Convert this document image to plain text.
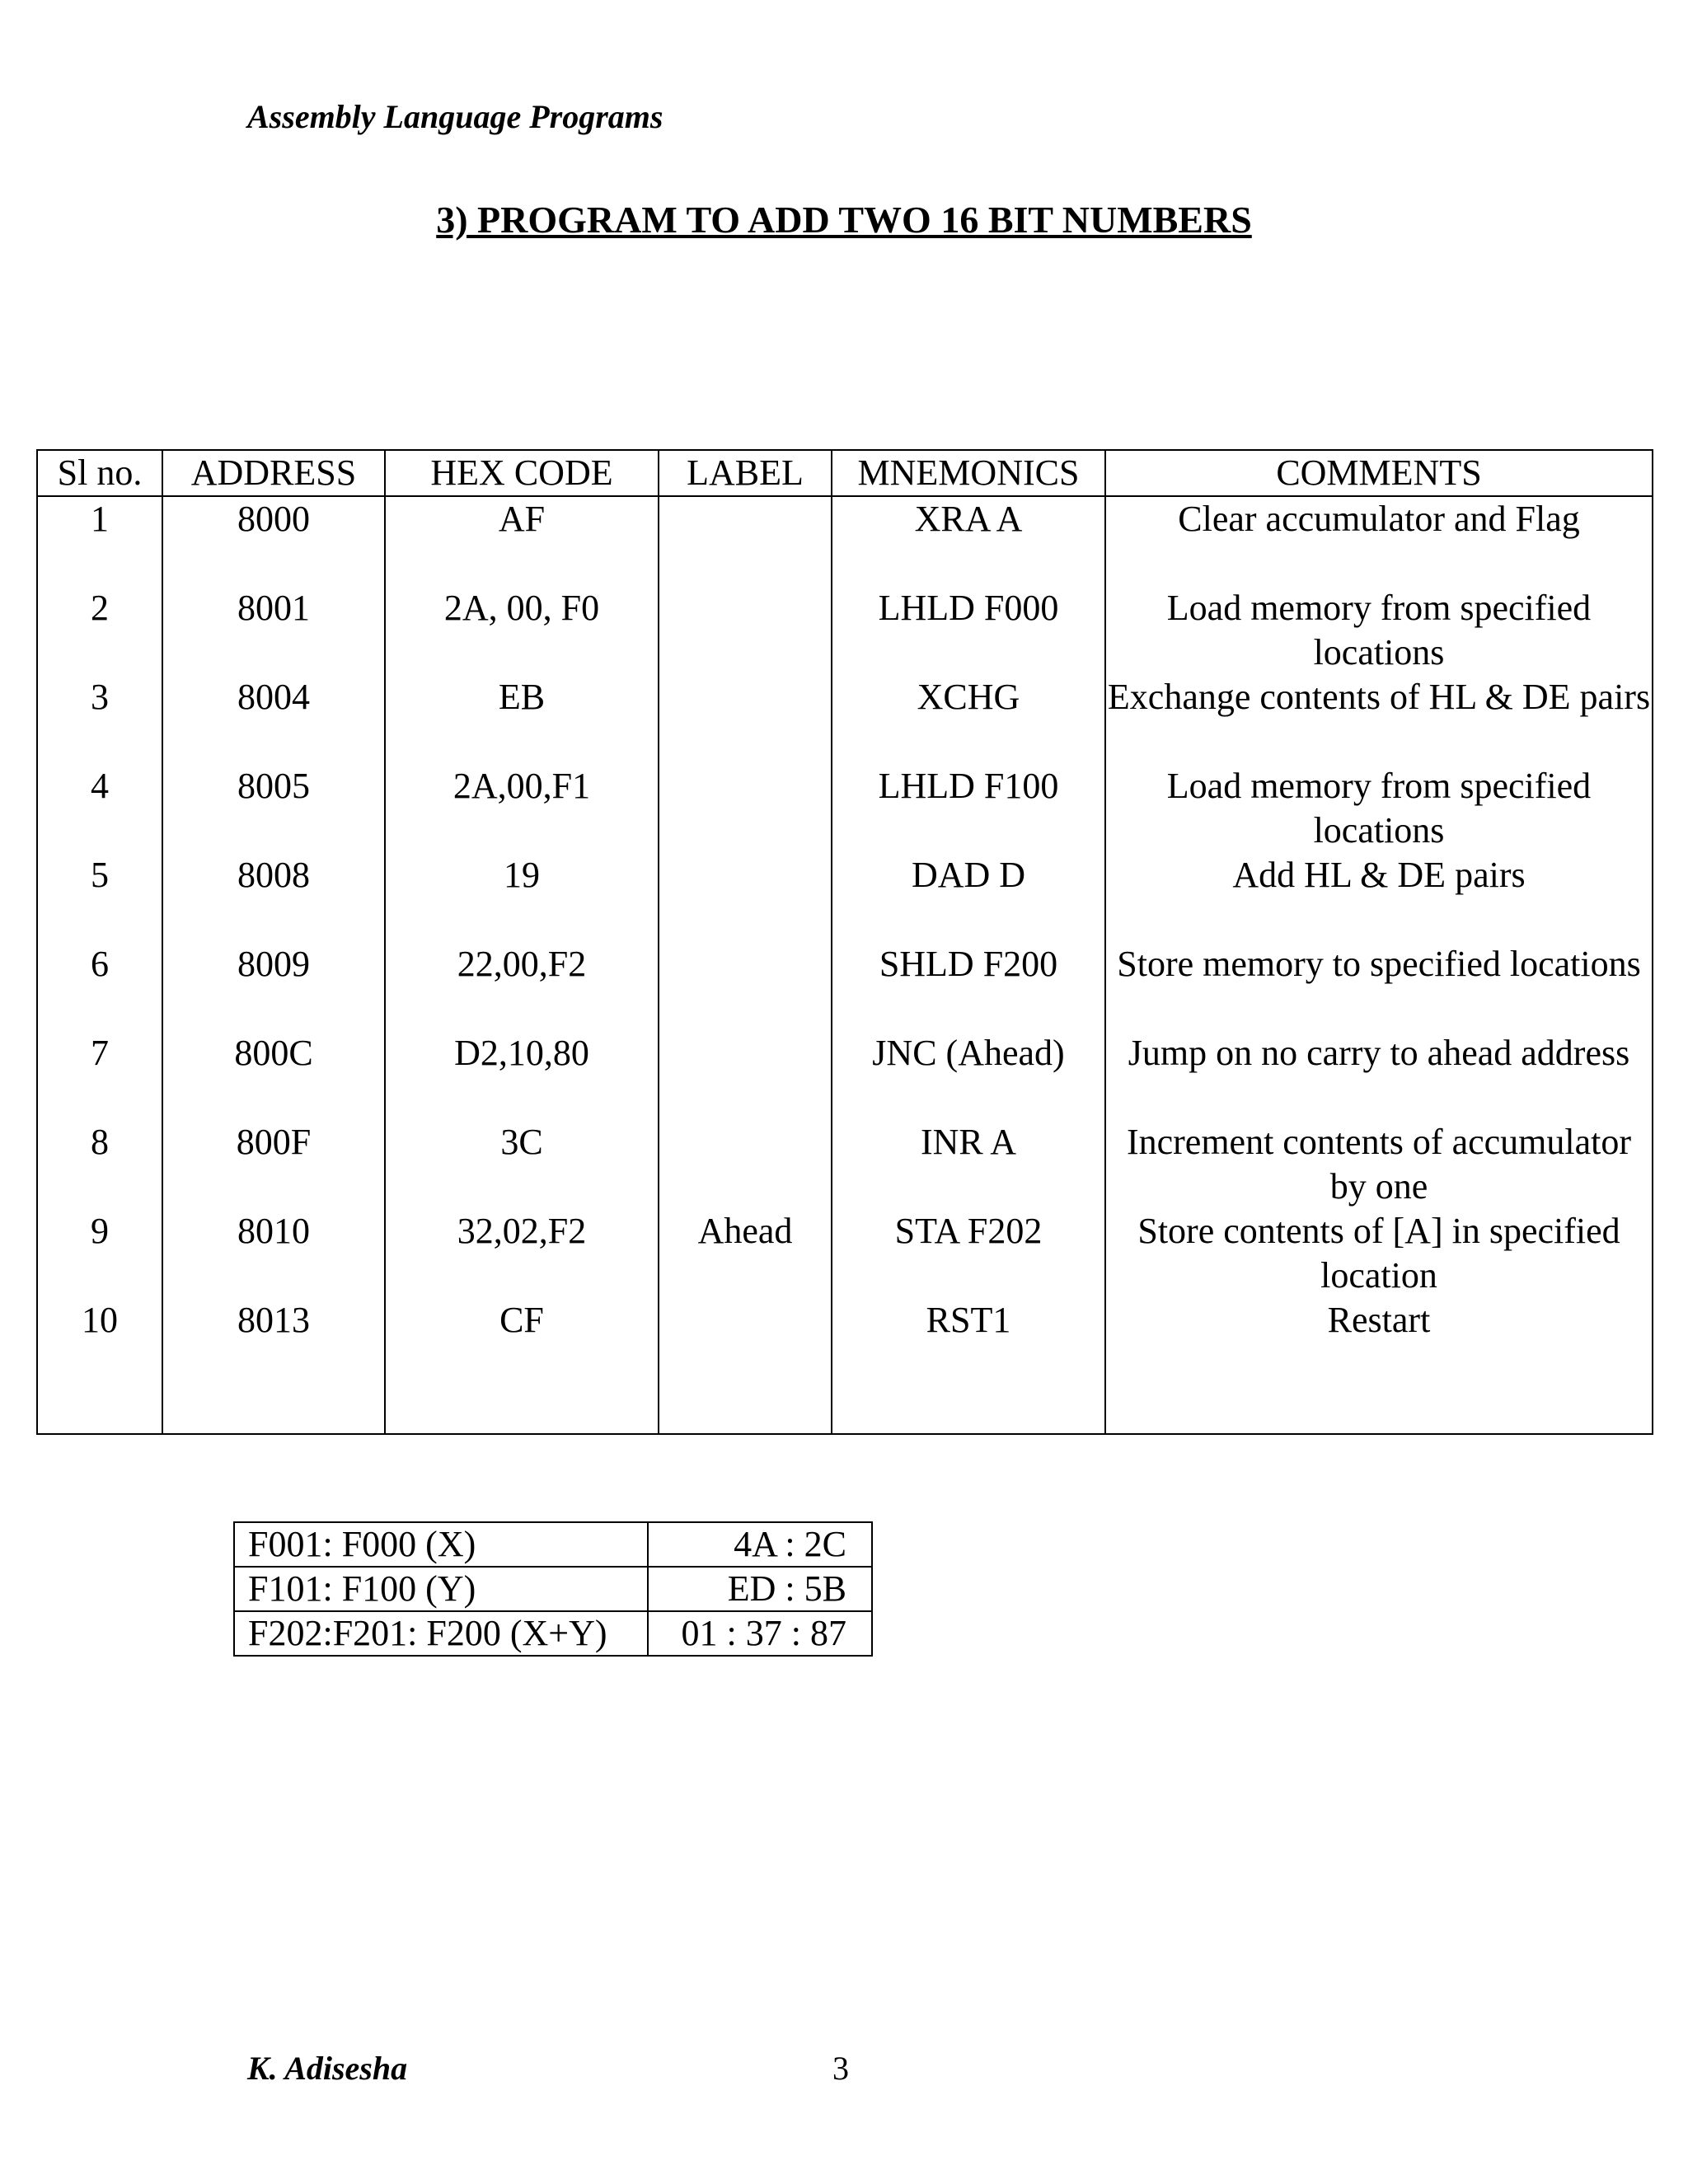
Assembly Language Programs
3) PROGRAM TO ADD TWO 16 BIT NUMBERS
Sl no.	ADDRESS	HEX CODE	LABEL	MNEMONICS	COMMENTS
1	8000	AF		XRA A	Clear accumulator and Flag
2	8001	2A, 00, F0		LHLD F000	Load memory from specified locations
3	8004	EB		XCHG	Exchange contents of HL & DE pairs
4	8005	2A,00,F1		LHLD F100	Load memory from specified locations
5	8008	19		DAD D	Add HL & DE pairs
6	8009	22,00,F2		SHLD F200	Store memory to specified locations
7	800C	D2,10,80		JNC (Ahead)	Jump on no carry to ahead address
8	800F	3C		INR A	Increment contents of accumulator by one
9	8010	32,02,F2	Ahead	STA F202	Store contents of [A] in specified location
10	8013	CF		RST1	Restart

F001: F000 (X)	4A : 2C
F101: F100 (Y)	ED : 5B
F202:F201: F200 (X+Y)	01 : 37 : 87
K. Adisesha	3
